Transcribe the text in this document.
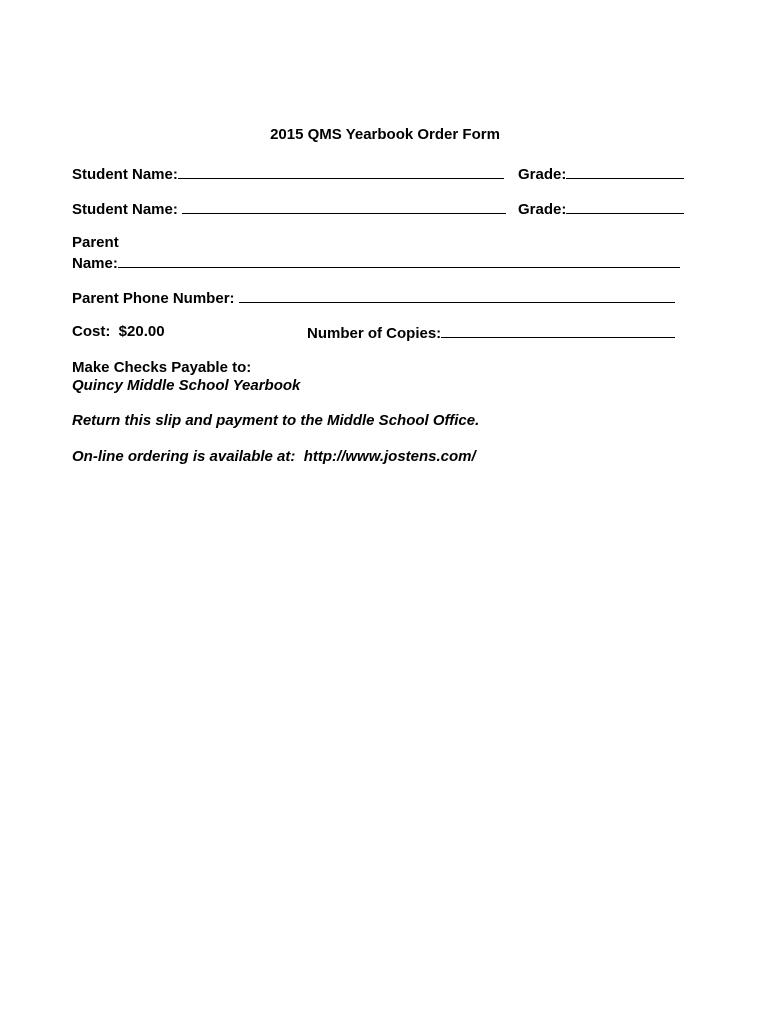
2015 QMS Yearbook Order Form
Student Name:	Grade:
Student Name:	Grade:
Parent
Name:
Parent Phone Number:
Cost: $20.00	Number of Copies:
Make Checks Payable to:
Quincy Middle School Yearbook
Return this slip and payment to the Middle School Office.
On-line ordering is available at: http://www.jostens.com/
